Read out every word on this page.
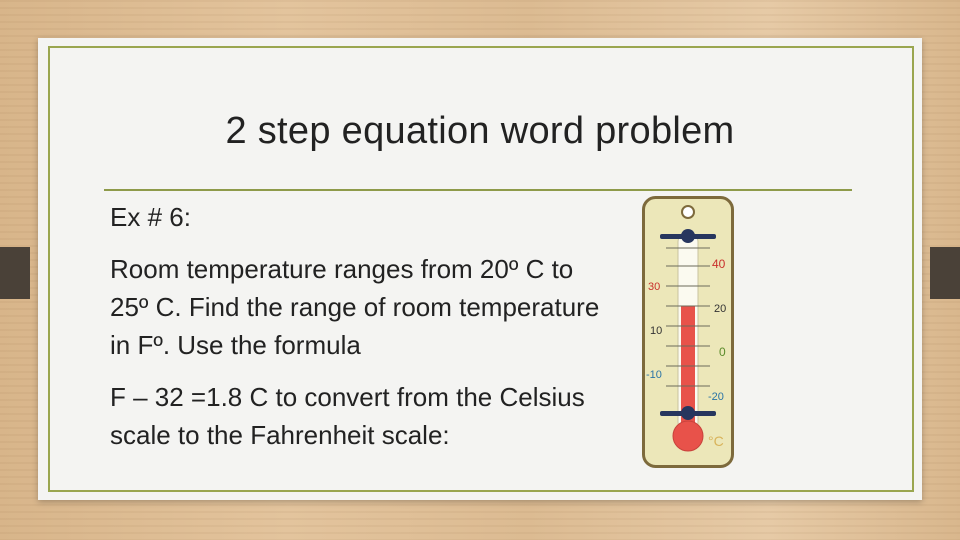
2 step equation word problem

Ex # 6:

Room temperature ranges from 20º C to 25º C. Find the range of room temperature in Fº. Use the formula

F – 32 =1.8 C to convert from the Celsius scale to the Fahrenheit scale:

30
10
-10
40
20
0
-20
°C
